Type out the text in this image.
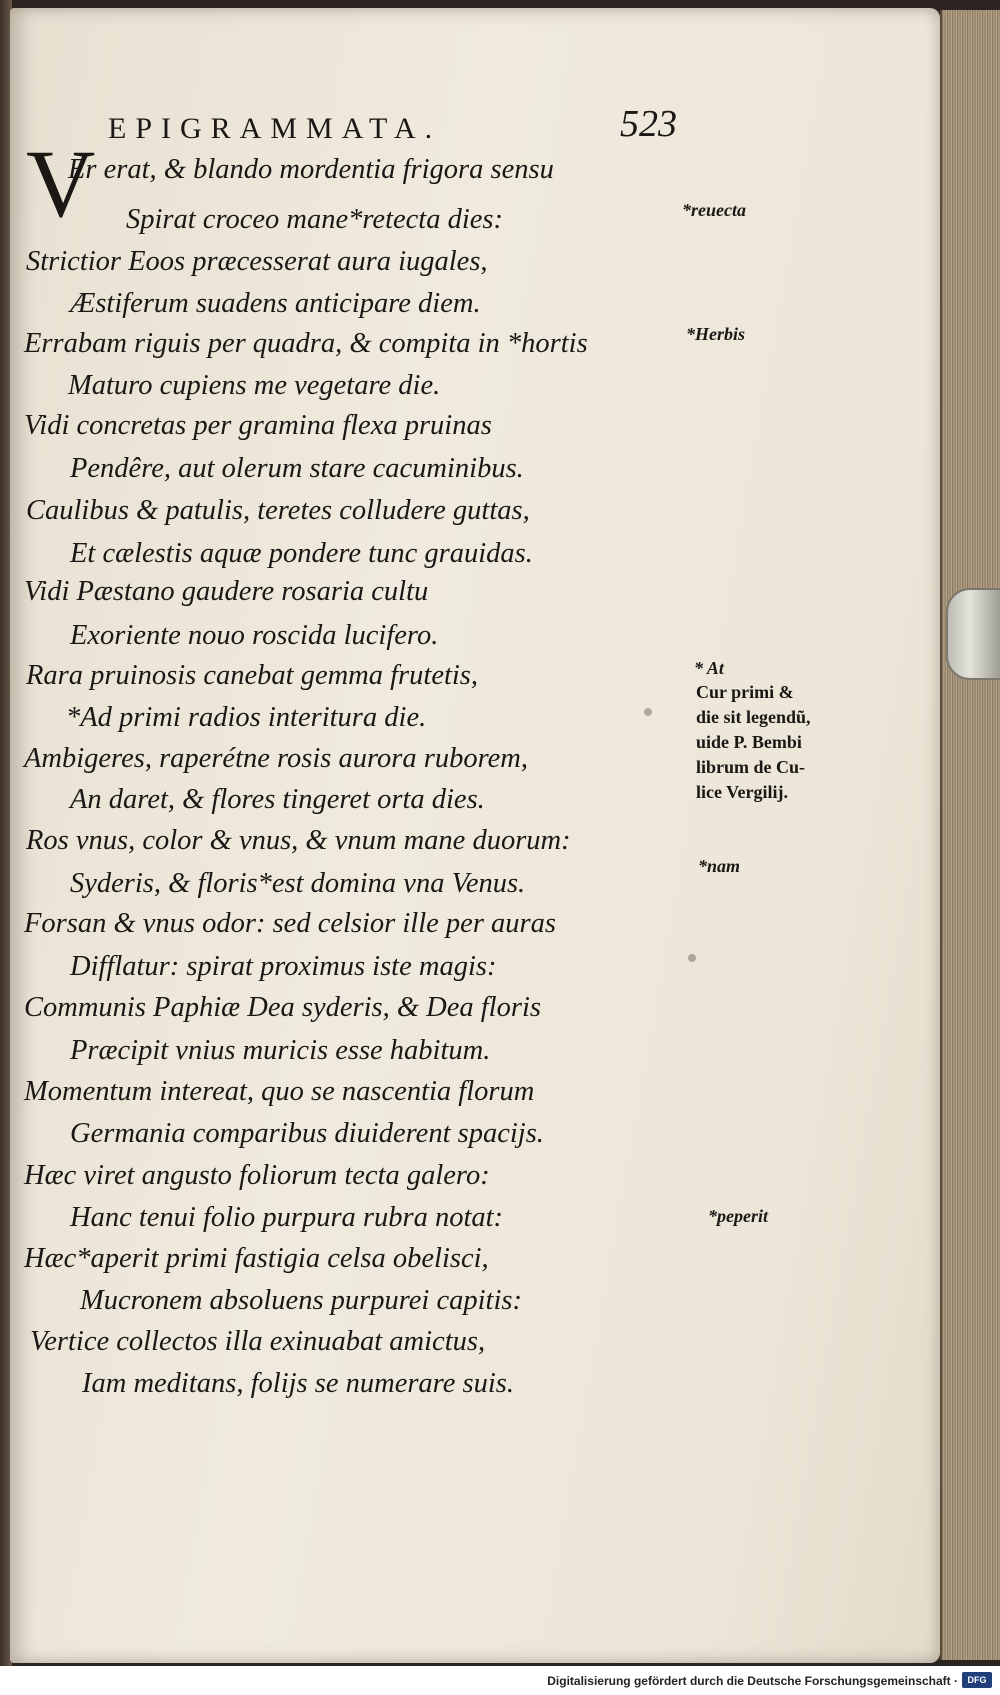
EPIGRAMMATA.	523
V
Er erat, & blando mordentia frigora sensu
Spirat croceo mane*retecta dies:
Strictior Eoos præcesserat aura iugales,
Æstiferum suadens anticipare diem.
Errabam riguis per quadra, & compita in *hortis
Maturo cupiens me vegetare die.
Vidi concretas per gramina flexa pruinas
Pendêre, aut olerum stare cacuminibus.
Caulibus & patulis, teretes colludere guttas,
Et cælestis aquæ pondere tunc grauidas.
Vidi Pæstano gaudere rosaria cultu
Exoriente nouo roscida lucifero.
Rara pruinosis canebat gemma frutetis,
*Ad primi radios interitura die.
Ambigeres, raperétne rosis aurora ruborem,
An daret, & flores tingeret orta dies.
Ros vnus, color & vnus, & vnum mane duorum:
Syderis, & floris*est domina vna Venus.
Forsan & vnus odor: sed celsior ille per auras
Difflatur: spirat proximus iste magis:
Communis Paphiæ Dea syderis, & Dea floris
Præcipit vnius muricis esse habitum.
Momentum intereat, quo se nascentia florum
Germania comparibus diuiderent spacijs.
Hæc viret angusto foliorum tecta galero:
Hanc tenui folio purpura rubra notat:
Hæc*aperit primi fastigia celsa obelisci,
Mucronem absoluens purpurei capitis:
Vertice collectos illa exinuabat amictus,
Iam meditans, folijs se numerare suis.
*reuecta
*Herbis
* At
Cur primi &
die sit legendũ,
uide P. Bembi
librum de Cu-
lice Vergilij.
*nam
*peperit
Digitalisierung gefördert durch die Deutsche Forschungsgemeinschaft ·	DFG
